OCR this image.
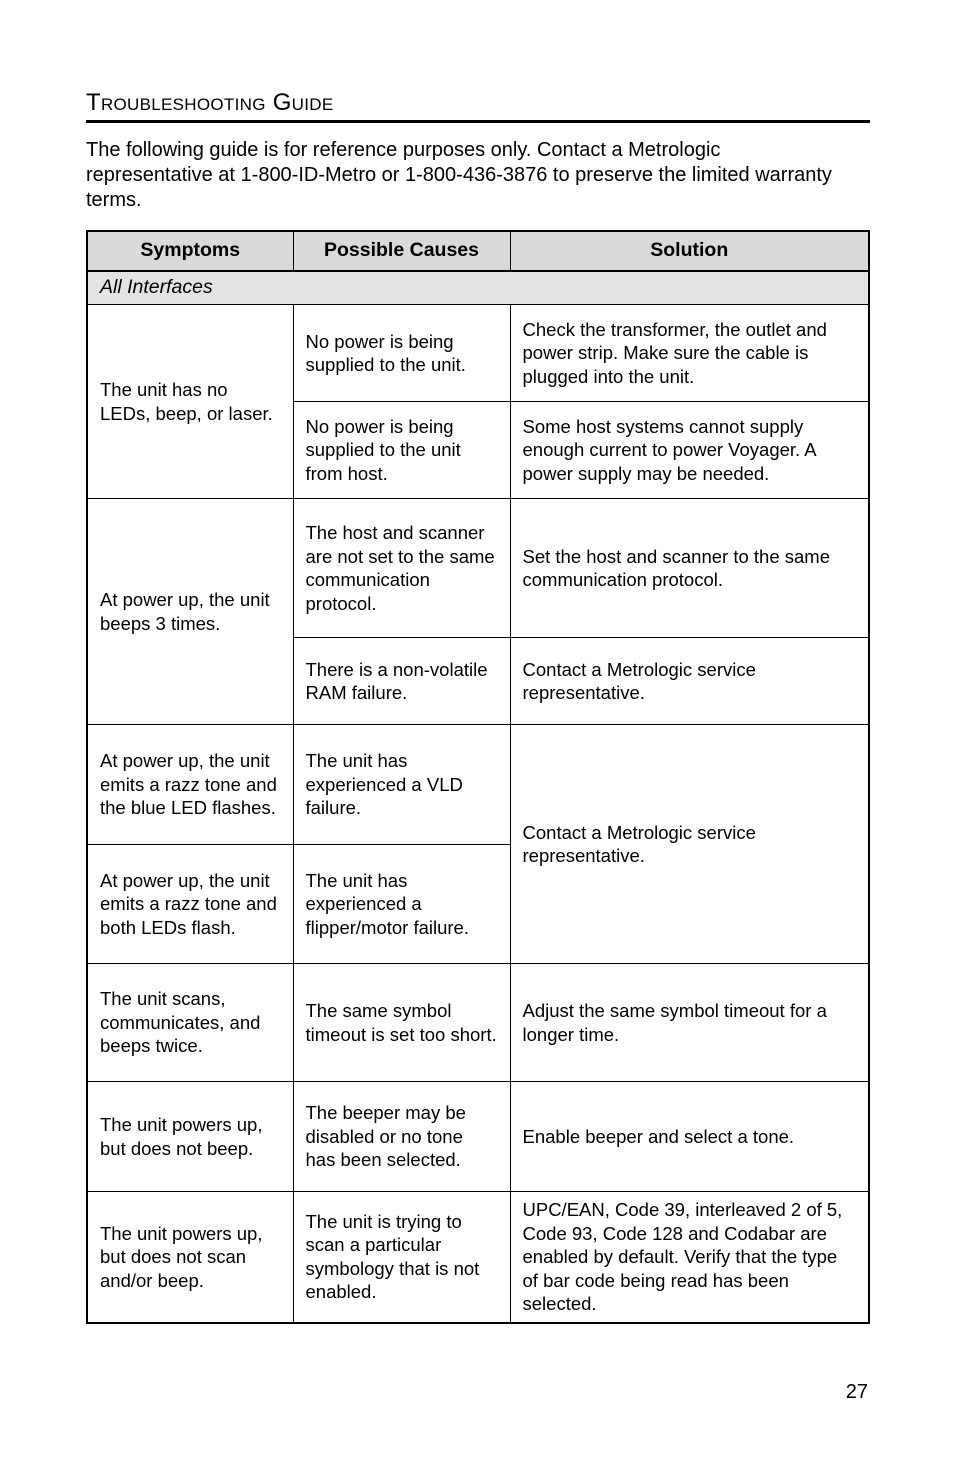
Troubleshooting Guide
The following guide is for reference purposes only. Contact a Metrologic representative at 1-800-ID-Metro or 1-800-436-3876 to preserve the limited warranty terms.
Symptoms	Possible Causes	Solution
All Interfaces		
The unit has no LEDs, beep, or laser.	No power is being supplied to the unit.	Check the transformer, the outlet and power strip. Make sure the cable is plugged into the unit.
	No power is being supplied to the unit from host.	Some host systems cannot supply enough current to power Voyager. A power supply may be needed.
At power up, the unit beeps 3 times.	The host and scanner are not set to the same communication protocol.	Set the host and scanner to the same communication protocol.
	There is a non-volatile RAM failure.	Contact a Metrologic service representative.
At power up, the unit emits a razz tone and the blue LED flashes.	The unit has experienced a VLD failure.	Contact a Metrologic service representative.
At power up, the unit emits a razz tone and both LEDs flash.	The unit has experienced a flipper/motor failure.	
The unit scans, communicates, and beeps twice.	The same symbol timeout is set too short.	Adjust the same symbol timeout for a longer time.
The unit powers up, but does not beep.	The beeper may be disabled or no tone has been selected.	Enable beeper and select a tone.
The unit powers up, but does not scan and/or beep.	The unit is trying to scan a particular symbology that is not enabled.	UPC/EAN, Code 39, interleaved 2 of 5, Code 93, Code 128 and Codabar are enabled by default. Verify that the type of bar code being read has been selected.
27
